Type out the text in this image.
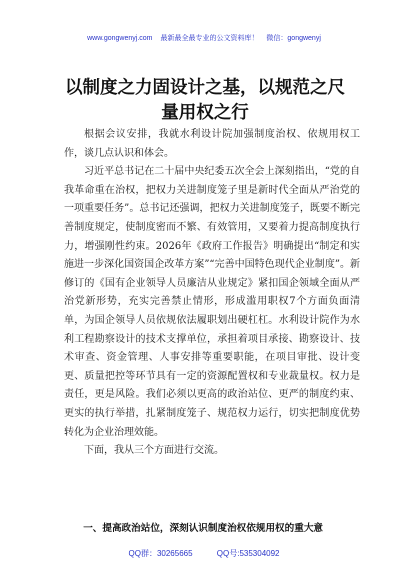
www.gongwenyj.com 最新最全最专业的公文资料库！ 微信：gongwenyj
以制度之力固设计之基，以规范之尺量用权之行

根据会议安排，我就水利设计院加强制度治权、依规用权工作，谈几点认识和体会。

习近平总书记在二十届中央纪委五次全会上深刻指出，“党的自我革命重在治权，把权力关进制度笼子里是新时代全面从严治党的一项重要任务”。总书记还强调，把权力关进制度笼子，既要不断完善制度规定，使制度密而不繁、有效管用，又要着力提高制度执行力，增强刚性约束。2026年《政府工作报告》明确提出“制定和实施进一步深化国资国企改革方案”“完善中国特色现代企业制度”。新修订的《国有企业领导人员廉洁从业规定》紧扣国企领域全面从严治党新形势，充实完善禁止情形，形成滥用职权7个方面负面清单，为国企领导人员依规依法履职划出硬杠杠。水利设计院作为水利工程勘察设计的技术支撑单位，承担着项目承接、勘察设计、技术审查、资金管理、人事安排等重要职能，在项目审批、设计变更、质量把控等环节具有一定的资源配置权和专业裁量权。权力是责任，更是风险。我们必须以更高的政治站位、更严的制度约束、更实的执行举措，扎紧制度笼子、规范权力运行，切实把制度优势转化为企业治理效能。

下面，我从三个方面进行交流。

一、提高政治站位，深刻认识制度治权依规用权的重大意
QQ群：30265665	QQ号:535304092
